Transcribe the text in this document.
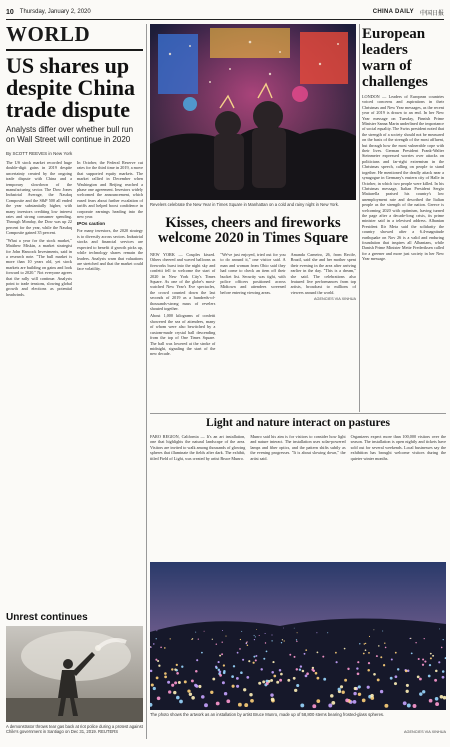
10 Thursday, January 2, 2020	CHINA DAILY 中国日报
WORLD
US shares up despite China trade dispute
Analysts differ over whether bull run on Wall Street will continue in 2020
By SCOTT REEVES in New York

The US stock market recorded huge double-digit gains in 2019 despite uncertainty created by the ongoing trade dispute with China and a temporary slowdown of the manufacturing sector. The Dow Jones Industrial Average, the Nasdaq Composite and the S&P 500 all ended the year substantially higher, with many investors crediting low interest rates and strong consumer spending. Through Monday, the Dow was up 22 percent for the year, while the Nasdaq Composite gained 35 percent.

"What a year for the stock market," Matthew Miskin, a market strategist for John Hancock Investments, said in a research note. "The bull market is more than 10 years old, yet stock markets are building on gains and look forward to 2020." Not everyone agrees that the rally will continue. Analysts point to trade tensions, slowing global growth and elections as potential headwinds.

In October, the Federal Reserve cut rates for the third time in 2019, a move that supported equity markets. The market rallied in December when Washington and Beijing reached a phase one agreement. Investors widely welcomed the announcement, which eased fears about further escalation of tariffs and helped boost confidence in corporate earnings heading into the new year.

IPOs caution

For many investors, the 2020 strategy is to diversify across sectors. Industrial stocks and financial services are expected to benefit if growth picks up, while technology shares remain the leaders. Analysts warn that valuations are stretched and that the market could face volatility.

Unrest continues
A demonstrator throws tear gas back at riot police during a protest against Chile's government in Santiago on Dec 31, 2019. REUTERS
Revelers celebrate the New Year in Times Square in Manhattan on a cold and rainy night in New York.
Kisses, cheers and fireworks welcome 2020 in Times Square

NEW YORK — Couples kissed. Others cheered and waved balloons as fireworks burst into the night sky and confetti fell to welcome the start of 2020 in New York City's Times Square. As one of the globe's most-watched New Year's Eve spectacles, the crowd counted down the last seconds of 2019 as a hundreds-of-thousands-strong mass of revelers shouted together.

About 1,000 kilograms of confetti showered the sea of attendees, many of whom were also bewitched by a custom-made crystal ball descending from the top of One Times Square. The ball was lowered at the stroke of midnight, signaling the start of the new decade.

"We've just enjoyed, tried out for you to do around it," one visitor said. A man and woman from Ohio said they had come to check an item off their bucket list. Security was tight, with police officers positioned across Midtown and attendees screened before entering viewing areas.

Amanda Carneiro, 26, from Recife, Brazil, said she and her mother spent their evening in the area after arriving earlier in the day. "This is a dream," she said. The celebrations also featured live performances from top artists, broadcast to millions of viewers around the world.

AGENCIES VIA XINHUA
Light and nature interact on pastures

FARO REGION, California — It's an art installation, one that highlights the natural landscape of the area. Visitors are invited to walk among thousands of glowing spheres that illuminate the fields after dark. The exhibit, titled Field of Light, was created by artist Bruce Munro.

Munro said his aim is for visitors to consider how light and nature interact. The installation uses solar-powered lamps and fiber optics, and the pattern shifts subtly as the evening progresses. "It is about slowing down," the artist said.

Organizers expect more than 100,000 visitors over the season. The installation is open nightly and tickets have sold out for several weekends. Local businesses say the exhibition has brought welcome visitors during the quieter winter months.

The photo shows the artwork as an installation by artist Bruce Munro, made up of 58,800 stems bearing frosted-glass spheres.
AGENCIES VIA XINHUA
European leaders warn of challenges

LONDON — Leaders of European countries voiced concerns and aspirations in their Christmas and New Year messages, as the recent year of 2019 is drawn to an end. In her New Year message on Tuesday, Finnish Prime Minister Sanna Marin underlined the importance of social equality. The Swiss president noted that the strength of a society should not be measured on the basis of the strength of the most affluent, but through how the most vulnerable cope with their lives. German President Frank-Walter Steinmeier expressed worries over attacks on politicians and far-right extremism in the Christmas speech, calling on people to stand together. He mentioned the deadly attack near a synagogue in Germany's eastern city of Halle in October, in which two people were killed. In his Christmas message, Italian President Sergio Mattarella praised his country's low unemployment rate and described the Italian people as the strength of the nation. Greece is welcoming 2020 with optimism, having turned the page after a decade-long crisis, its prime minister said in a televised address. Albanian President Ilir Meta said the solidarity the country showed after a 6.4-magnitude earthquake on Nov 26 is a valid and enduring foundation that inspires all Albanians, while Danish Prime Minister Mette Frederiksen called for a greener and more just society in her New Year message.
